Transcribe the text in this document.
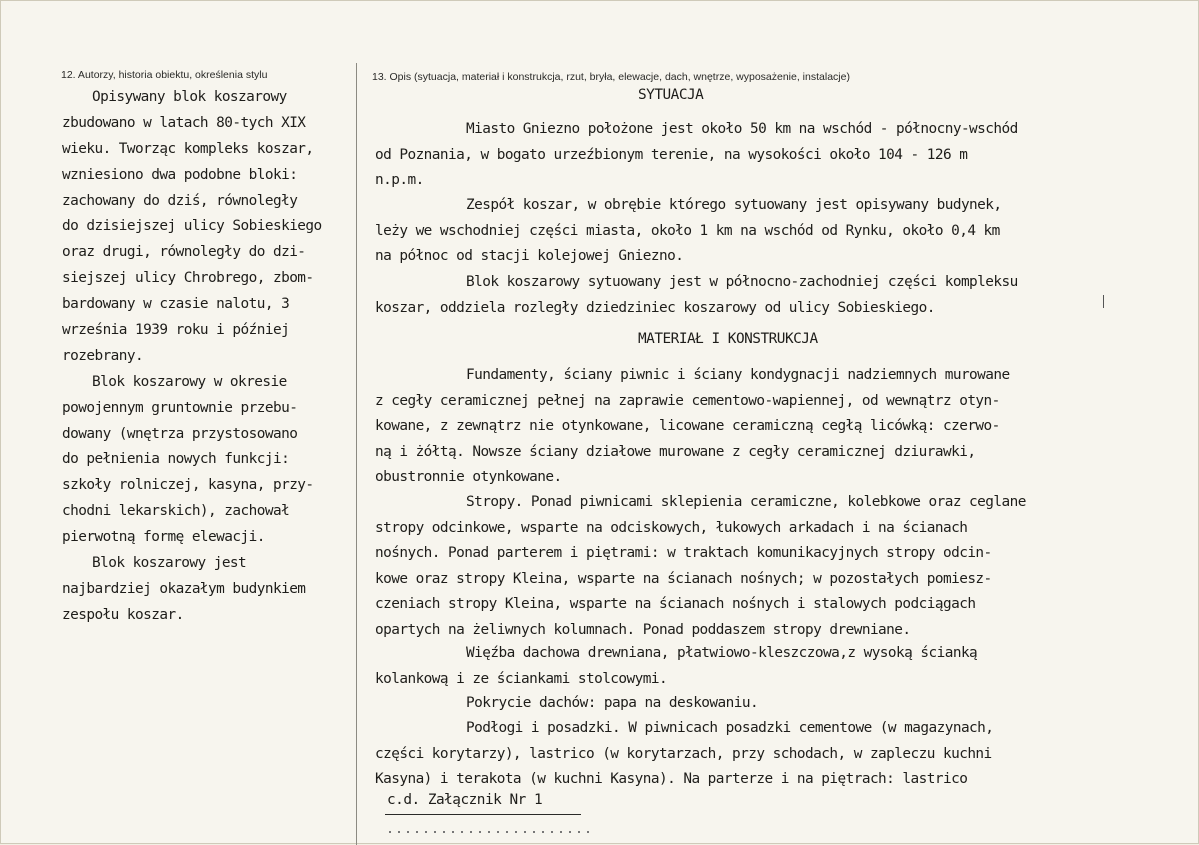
12. Autorzy, historia obiektu, określenia stylu	13. Opis (sytuacja, materiał i konstrukcja, rzut, bryła, elewacje, dach, wnętrze, wyposażenie, instalacje)
Opisywany blok koszarowy
zbudowano w latach 80-tych XIX
wieku. Tworząc kompleks koszar,
wzniesiono dwa podobne bloki:
zachowany do dziś, równoległy
do dzisiejszej ulicy Sobieskiego
oraz drugi, równoległy do dzi-
siejszej ulicy Chrobrego, zbom-
bardowany w czasie nalotu, 3
września 1939 roku i później
rozebrany.
Blok koszarowy w okresie
powojennym gruntownie przebu-
dowany (wnętrza przystosowano
do pełnienia nowych funkcji:
szkoły rolniczej, kasyna, przy-
chodni lekarskich), zachował
pierwotną formę elewacji.
Blok koszarowy jest
najbardziej okazałym budynkiem
zespołu koszar.
SYTUACJA
Miasto Gniezno położone jest około 50 km na wschód - północny-wschód
od Poznania, w bogato urzeźbionym terenie, na wysokości około 104 - 126 m
n.p.m.
Zespół koszar, w obrębie którego sytuowany jest opisywany budynek,
leży we wschodniej części miasta, około 1 km na wschód od Rynku, około 0,4 km
na północ od stacji kolejowej Gniezno.
Blok koszarowy sytuowany jest w północno-zachodniej części kompleksu
koszar, oddziela rozległy dziedziniec koszarowy od ulicy Sobieskiego.
MATERIAŁ I KONSTRUKCJA
Fundamenty, ściany piwnic i ściany kondygnacji nadziemnych murowane
z cegły ceramicznej pełnej na zaprawie cementowo-wapiennej, od wewnątrz otyn-
kowane, z zewnątrz nie otynkowane, licowane ceramiczną cegłą licówką: czerwo-
ną i żółtą. Nowsze ściany działowe murowane z cegły ceramicznej dziurawki,
obustronnie otynkowane.
Stropy. Ponad piwnicami sklepienia ceramiczne, kolebkowe oraz ceglane
stropy odcinkowe, wsparte na odciskowych, łukowych arkadach i na ścianach
nośnych. Ponad parterem i piętrami: w traktach komunikacyjnych stropy odcin-
kowe oraz stropy Kleina, wsparte na ścianach nośnych; w pozostałych pomiesz-
czeniach stropy Kleina, wsparte na ścianach nośnych i stalowych podciągach
opartych na żeliwnych kolumnach. Ponad poddaszem stropy drewniane.
Więźba dachowa drewniana, płatwiowo-kleszczowa,z wysoką ścianką
kolankową i ze ściankami stolcowymi.
Pokrycie dachów: papa na deskowaniu.
Podłogi i posadzki. W piwnicach posadzki cementowe (w magazynach,
części korytarzy), lastrico (w korytarzach, przy schodach, w zapleczu kuchni
Kasyna) i terakota (w kuchni Kasyna). Na parterze i na piętrach: lastrico
c.d. Załącznik Nr 1
